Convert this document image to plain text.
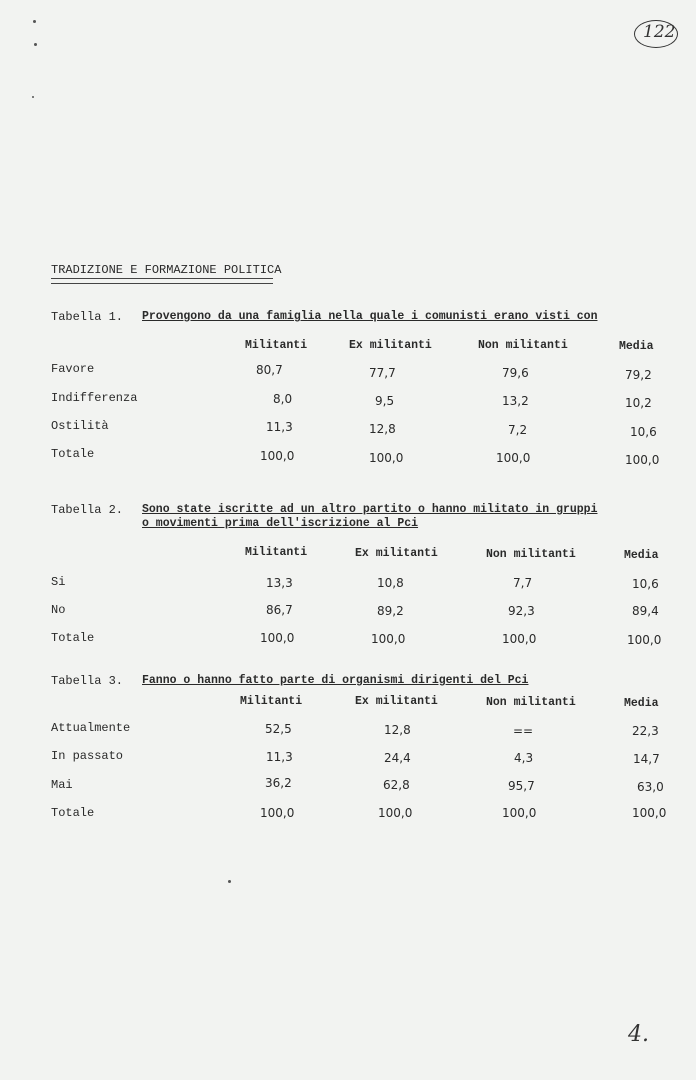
122
TRADIZIONE E FORMAZIONE POLITICA
Tabella 1. Provengono da una famiglia nella quale i comunisti erano visti con
Militanti	Ex militanti	Non militanti	Media
Favore	80,7	77,7	79,6	79,2
Indifferenza	8,0	9,5	13,2	10,2
Ostilità	11,3	12,8	7,2	10,6
Totale	100,0	100,0	100,0	100,0
Tabella 2. Sono state iscritte ad un altro partito o hanno militato in gruppi
o movimenti prima dell'iscrizione al Pci
Militanti	Ex militanti	Non militanti	Media
Si	13,3	10,8	7,7	10,6
No	86,7	89,2	92,3	89,4
Totale	100,0	100,0	100,0	100,0
Tabella 3. Fanno o hanno fatto parte di organismi dirigenti del Pci
Militanti	Ex militanti	Non militanti	Media
Attualmente	52,5	12,8	==	22,3
In passato	11,3	24,4	4,3	14,7
Mai	36,2	62,8	95,7	63,0
Totale	100,0	100,0	100,0	100,0
4.
